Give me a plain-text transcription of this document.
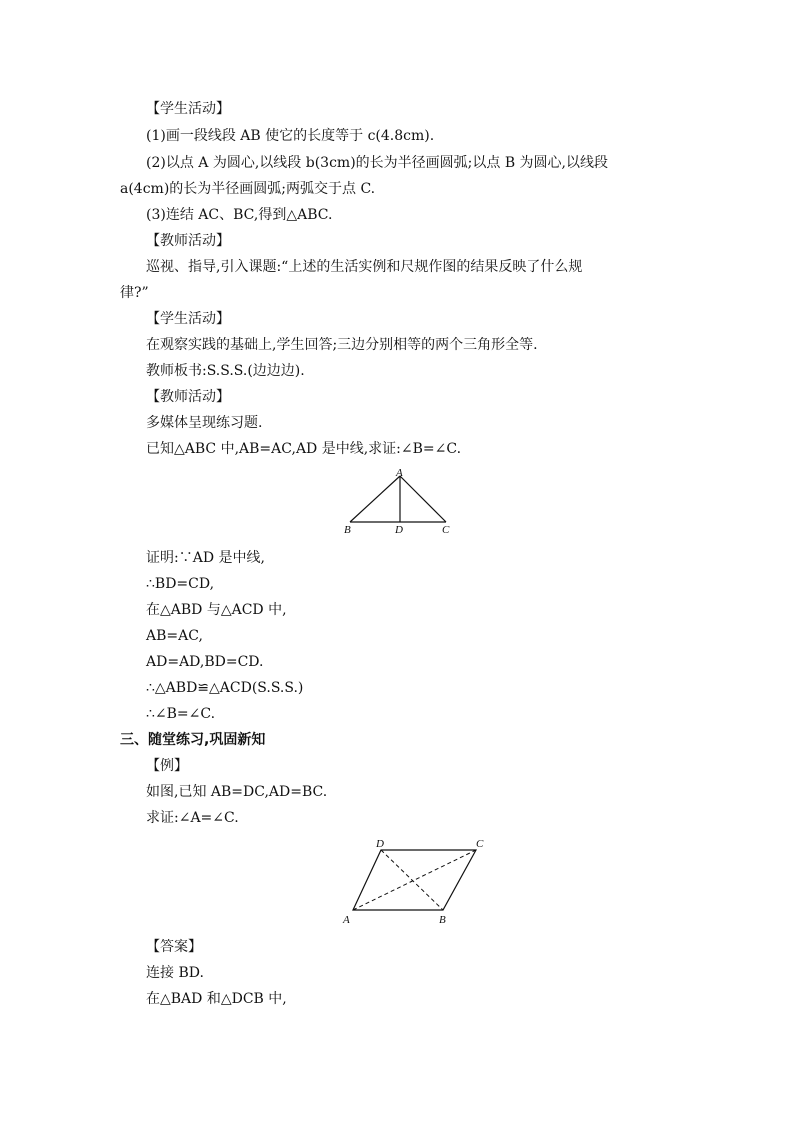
【学生活动】
(1)画一段线段 AB 使它的长度等于 c(4.8cm).
(2)以点 A 为圆心,以线段 b(3cm)的长为半径画圆弧;以点 B 为圆心,以线段
a(4cm)的长为半径画圆弧;两弧交于点 C.
(3)连结 AC、BC,得到△ABC.
【教师活动】
巡视、指导,引入课题:“上述的生活实例和尺规作图的结果反映了什么规
律?”
【学生活动】
在观察实践的基础上,学生回答;三边分别相等的两个三角形全等.
教师板书:S.S.S.(边边边).
【教师活动】
多媒体呈现练习题.
已知△ABC 中,AB=AC,AD 是中线,求证:∠B=∠C.
A
B	D	C
证明:∵AD 是中线,
∴BD=CD,
在△ABD 与△ACD 中,
AB=AC,
AD=AD,BD=CD.
∴△ABD≌△ACD(S.S.S.)
∴∠B=∠C.
三、随堂练习,巩固新知
【例】
如图,已知 AB=DC,AD=BC.
求证:∠A=∠C.
D	C
A	B
【答案】
连接 BD.
在△BAD 和△DCB 中,
